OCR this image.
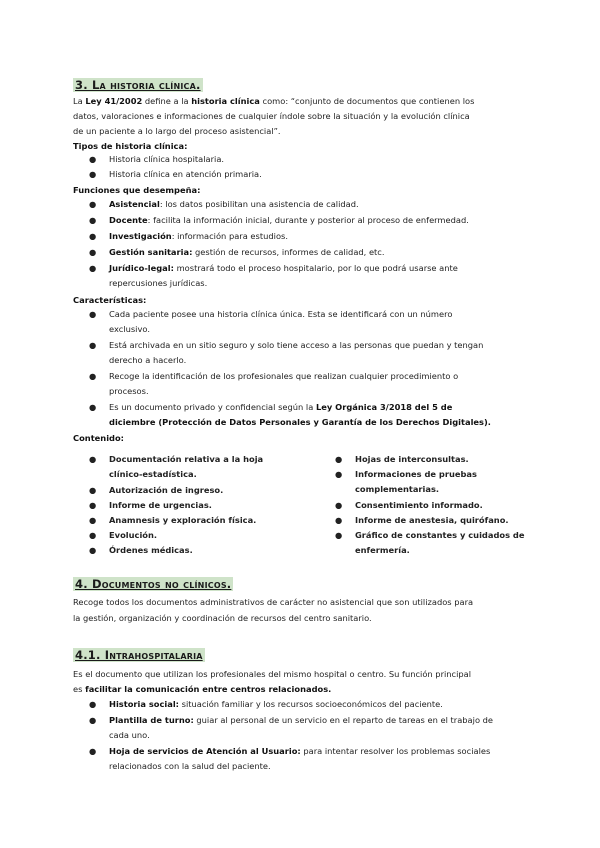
3. La historia clínica.
La Ley 41/2002 define a la historia clínica como: “conjunto de documentos que contienen los
datos, valoraciones e informaciones de cualquier índole sobre la situación y la evolución clínica
de un paciente a lo largo del proceso asistencial”.
Tipos de historia clínica:
● Historia clínica hospitalaria.
● Historia clínica en atención primaria.
Funciones que desempeña:
● Asistencial: los datos posibilitan una asistencia de calidad.
● Docente: facilita la información inicial, durante y posterior al proceso de enfermedad.
● Investigación: información para estudios.
● Gestión sanitaria: gestión de recursos, informes de calidad, etc.
● Jurídico-legal: mostrará todo el proceso hospitalario, por lo que podrá usarse ante
repercusiones jurídicas.
Características:
● Cada paciente posee una historia clínica única. Esta se identificará con un número
exclusivo.
● Está archivada en un sitio seguro y solo tiene acceso a las personas que puedan y tengan
derecho a hacerlo.
● Recoge la identificación de los profesionales que realizan cualquier procedimiento o
procesos.
● Es un documento privado y confidencial según la Ley Orgánica 3/2018 del 5 de
diciembre (Protección de Datos Personales y Garantía de los Derechos Digitales).
Contenido:
● Documentación relativa a la hoja
clínico-estadística.
● Autorización de ingreso.
● Informe de urgencias.
● Anamnesis y exploración física.
● Evolución.
● Órdenes médicas.
● Hojas de interconsultas.
● Informaciones de pruebas
complementarias.
● Consentimiento informado.
● Informe de anestesia, quirófano.
● Gráfico de constantes y cuidados de
enfermería.
4. Documentos no clínicos.
Recoge todos los documentos administrativos de carácter no asistencial que son utilizados para
la gestión, organización y coordinación de recursos del centro sanitario.
4.1. Intrahospitalaria
Es el documento que utilizan los profesionales del mismo hospital o centro. Su función principal
es facilitar la comunicación entre centros relacionados.
● Historia social: situación familiar y los recursos socioeconómicos del paciente.
● Plantilla de turno: guiar al personal de un servicio en el reparto de tareas en el trabajo de
cada uno.
● Hoja de servicios de Atención al Usuario: para intentar resolver los problemas sociales
relacionados con la salud del paciente.
